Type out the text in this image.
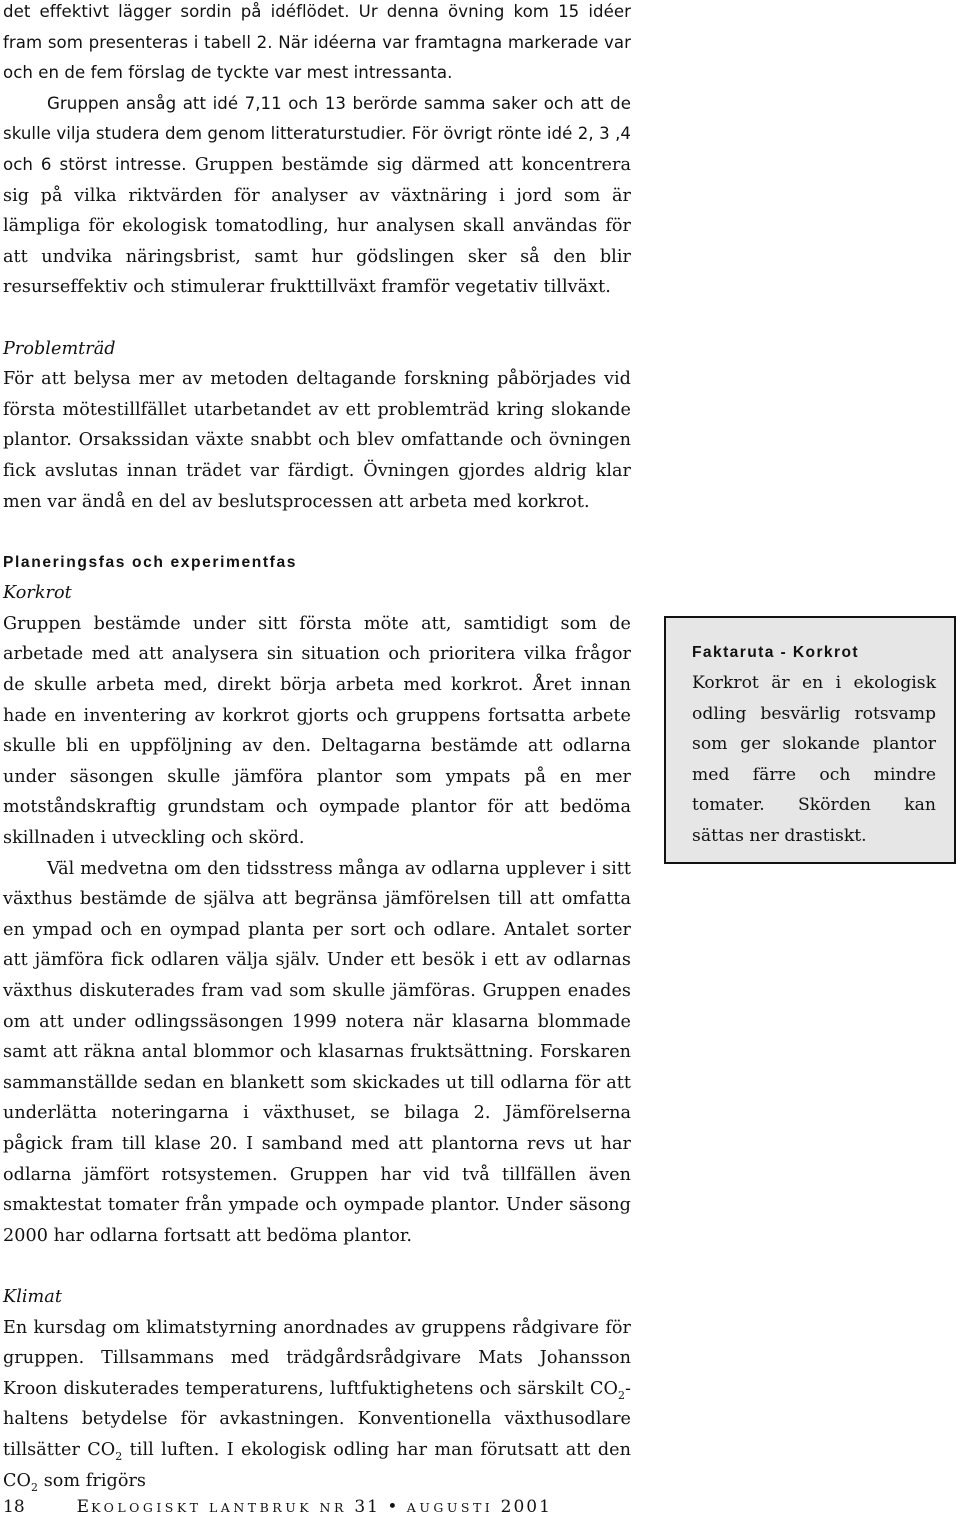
det effektivt lägger sordin på idéflödet. Ur denna övning kom 15 idéer fram som presenteras i tabell 2. När idéerna var framtagna markerade var och en de fem förslag de tyckte var mest intressanta.

Gruppen ansåg att idé 7,11 och 13 berörde samma saker och att de skulle vilja studera dem genom litteraturstudier. För övrigt rönte idé 2, 3 ,4 och 6 störst intresse. Gruppen bestämde sig därmed att koncentrera sig på vilka riktvärden för analyser av växtnäring i jord som är lämpliga för ekologisk tomatodling, hur analysen skall användas för att undvika näringsbrist, samt hur gödslingen sker så den blir resurseffektiv och stimulerar frukttillväxt framför vegetativ tillväxt.

Problemträd

För att belysa mer av metoden deltagande forskning påbörjades vid första mötestillfället utarbetandet av ett problemträd kring slokande plantor. Orsakssidan växte snabbt och blev omfattande och övningen fick avslutas innan trädet var färdigt. Övningen gjordes aldrig klar men var ändå en del av beslutsprocessen att arbeta med korkrot.

Planeringsfas och experimentfas

Korkrot

Gruppen bestämde under sitt första möte att, samtidigt som de arbetade med att analysera sin situation och prioritera vilka frågor de skulle arbeta med, direkt börja arbeta med korkrot. Året innan hade en inventering av korkrot gjorts och gruppens fortsatta arbete skulle bli en uppföljning av den. Deltagarna bestämde att odlarna under säsongen skulle jämföra plantor som ympats på en mer motståndskraftig grundstam och oympade plantor för att bedöma skillnaden i utveckling och skörd.

Väl medvetna om den tidsstress många av odlarna upplever i sitt växthus bestämde de själva att begränsa jämförelsen till att omfatta en ympad och en oympad planta per sort och odlare. Antalet sorter att jämföra fick odlaren välja själv. Under ett besök i ett av odlarnas växthus diskuterades fram vad som skulle jämföras. Gruppen enades om att under odlingssäsongen 1999 notera när klasarna blommade samt att räkna antal blommor och klasarnas fruktsättning. Forskaren sammanställde sedan en blankett som skickades ut till odlarna för att underlätta noteringarna i växthuset, se bilaga 2. Jämförelserna pågick fram till klase 20. I samband med att plantorna revs ut har odlarna jämfört rotsystemen. Gruppen har vid två tillfällen även smaktestat tomater från ympade och oympade plantor. Under säsong 2000 har odlarna fortsatt att bedöma plantor.

Klimat

En kursdag om klimatstyrning anordnades av gruppens rådgivare för gruppen. Tillsammans med trädgårdsrådgivare Mats Johansson Kroon diskuterades temperaturens, luftfuktighetens och särskilt $CO_2-$ haltens betydelse för avkastningen. Konventionella växthusodlare tillsätter $CO_2$ till luften. I ekologisk odling har man förutsatt att den $CO_2$ som frigörs

Faktaruta - Korkrot

Korkrot är en i ekologisk odling besvärlig rotsvamp som ger slokande plantor med färre och mindre tomater. Skörden kan sättas ner drastiskt.

18	EKOLOGISKT LANTBRUK NR 31 • AUGUSTI 2001
